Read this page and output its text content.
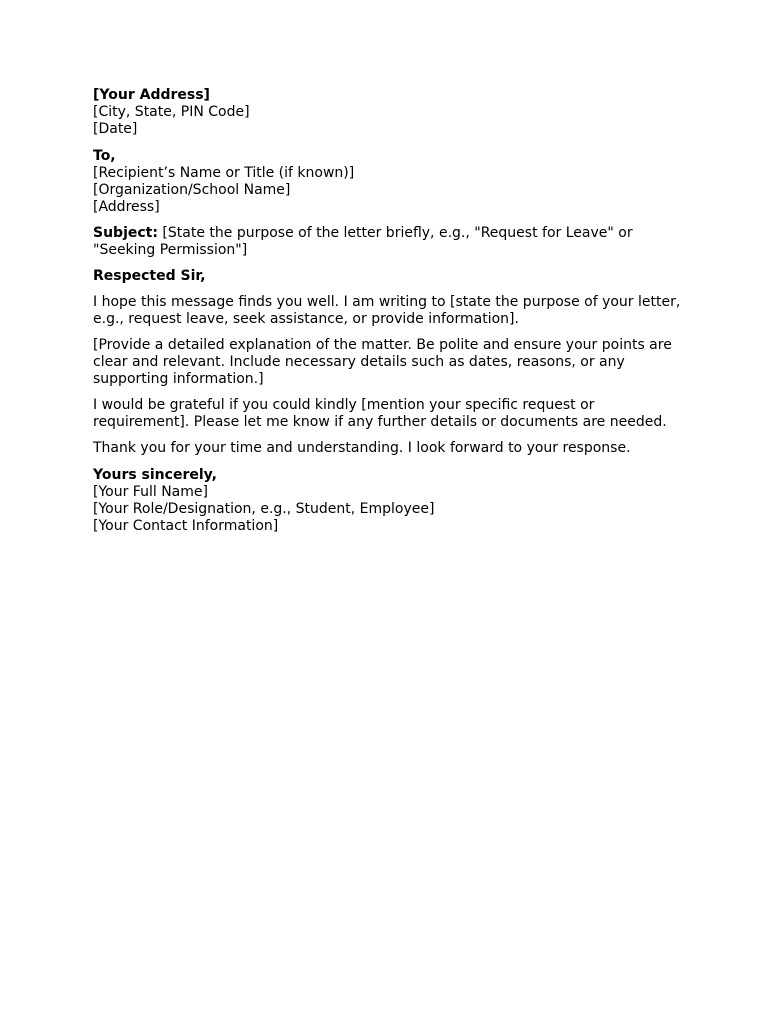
[Your Address]
[City, State, PIN Code]
[Date]
To,
[Recipient’s Name or Title (if known)]
[Organization/School Name]
[Address]
Subject: [State the purpose of the letter briefly, e.g., "Request for Leave" or "Seeking Permission"]
Respected Sir,
I hope this message finds you well. I am writing to [state the purpose of your letter, e.g., request leave, seek assistance, or provide information].
[Provide a detailed explanation of the matter. Be polite and ensure your points are clear and relevant. Include necessary details such as dates, reasons, or any supporting information.]
I would be grateful if you could kindly [mention your specific request or requirement]. Please let me know if any further details or documents are needed.
Thank you for your time and understanding. I look forward to your response.
Yours sincerely,
[Your Full Name]
[Your Role/Designation, e.g., Student, Employee]
[Your Contact Information]
